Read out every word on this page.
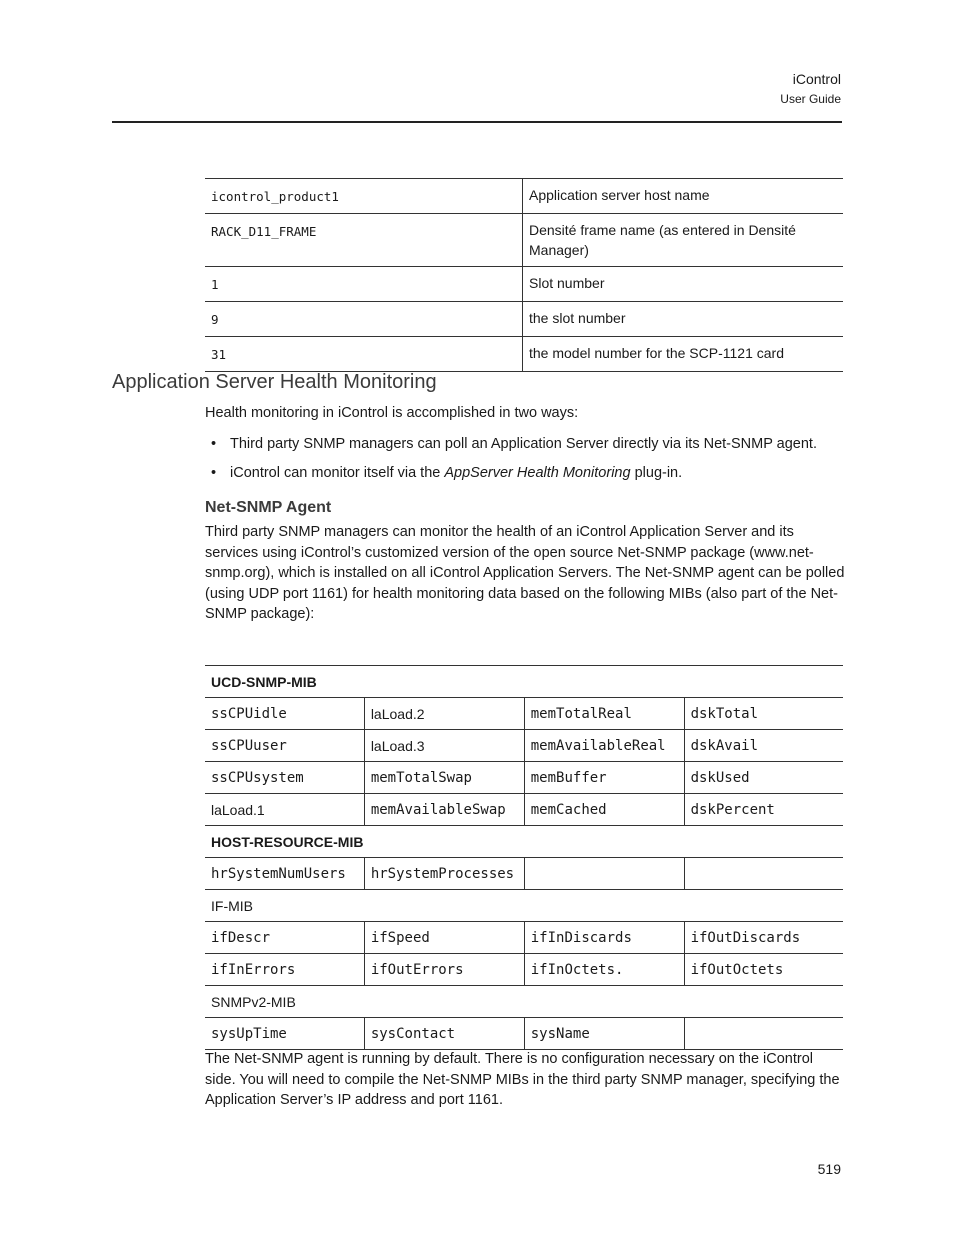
iControl
User Guide
icontrol_product1	Application server host name
RACK_D11_FRAME	Densité frame name (as entered in Densité Manager)
1	Slot number
9	the slot number
31	the model number for the SCP-1121 card
Application Server Health Monitoring
Health monitoring in iControl is accomplished in two ways:
• Third party SNMP managers can poll an Application Server directly via its Net-SNMP agent.
• iControl can monitor itself via the AppServer Health Monitoring plug-in.
Net-SNMP Agent
Third party SNMP managers can monitor the health of an iControl Application Server and its services using iControl’s customized version of the open source Net-SNMP package (www.net-snmp.org), which is installed on all iControl Application Servers. The Net-SNMP agent can be polled (using UDP port 1161) for health monitoring data based on the following MIBs (also part of the Net-SNMP package):
UCD-SNMP-MIB			
ssCPUidle	laLoad.2	memTotalReal	dskTotal
ssCPUuser	laLoad.3	memAvailableReal	dskAvail
ssCPUsystem	memTotalSwap	memBuffer	dskUsed
laLoad.1	memAvailableSwap	memCached	dskPercent
HOST-RESOURCE-MIB			
hrSystemNumUsers	hrSystemProcesses		
IF-MIB			
ifDescr	ifSpeed	ifInDiscards	ifOutDiscards
ifInErrors	ifOutErrors	ifInOctets.	ifOutOctets
SNMPv2-MIB			
sysUpTime	sysContact	sysName	
The Net-SNMP agent is running by default. There is no configuration necessary on the iControl side. You will need to compile the Net-SNMP MIBs in the third party SNMP manager, specifying the Application Server’s IP address and port 1161.
519
